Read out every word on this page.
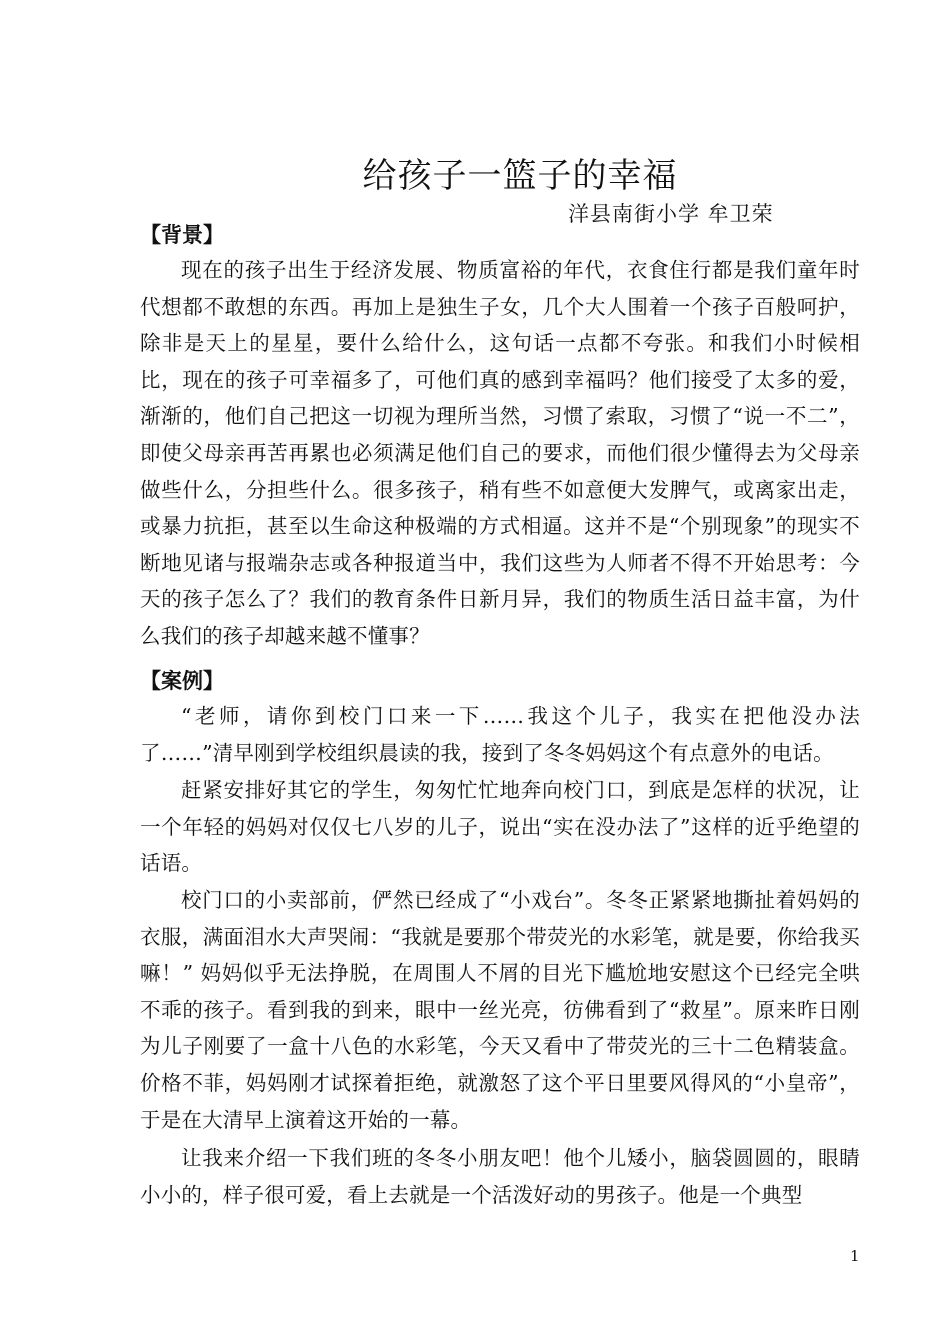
给孩子一篮子的幸福
洋县南街小学 牟卫荣
【背景】
现在的孩子出生于经济发展、物质富裕的年代，衣食住行都是我们童年时代想都不敢想的东西。再加上是独生子女，几个大人围着一个孩子百般呵护，除非是天上的星星，要什么给什么，这句话一点都不夸张。和我们小时候相比，现在的孩子可幸福多了，可他们真的感到幸福吗？他们接受了太多的爱，渐渐的，他们自己把这一切视为理所当然，习惯了索取，习惯了“说一不二”，即使父母亲再苦再累也必须满足他们自己的要求，而他们很少懂得去为父母亲做些什么，分担些什么。很多孩子，稍有些不如意便大发脾气，或离家出走，或暴力抗拒，甚至以生命这种极端的方式相逼。这并不是“个别现象”的现实不断地见诸与报端杂志或各种报道当中，我们这些为人师者不得不开始思考：今天的孩子怎么了？我们的教育条件日新月异，我们的物质生活日益丰富，为什么我们的孩子却越来越不懂事？
【案例】
“老师，请你到校门口来一下……我这个儿子，我实在把他没办法了……”清早刚到学校组织晨读的我，接到了冬冬妈妈这个有点意外的电话。
赶紧安排好其它的学生，匆匆忙忙地奔向校门口，到底是怎样的状况，让一个年轻的妈妈对仅仅七八岁的儿子，说出“实在没办法了”这样的近乎绝望的话语。
校门口的小卖部前，俨然已经成了“小戏台”。冬冬正紧紧地撕扯着妈妈的衣服，满面泪水大声哭闹：“我就是要那个带荧光的水彩笔，就是要，你给我买嘛！” 妈妈似乎无法挣脱，在周围人不屑的目光下尴尬地安慰这个已经完全哄不乖的孩子。看到我的到来，眼中一丝光亮，彷佛看到了“救星”。原来昨日刚为儿子刚要了一盒十八色的水彩笔，今天又看中了带荧光的三十二色精装盒。价格不菲，妈妈刚才试探着拒绝，就激怒了这个平日里要风得风的“小皇帝”，于是在大清早上演着这开始的一幕。
让我来介绍一下我们班的冬冬小朋友吧！他个儿矮小，脑袋圆圆的，眼睛小小的，样子很可爱，看上去就是一个活泼好动的男孩子。他是一个典型
1
